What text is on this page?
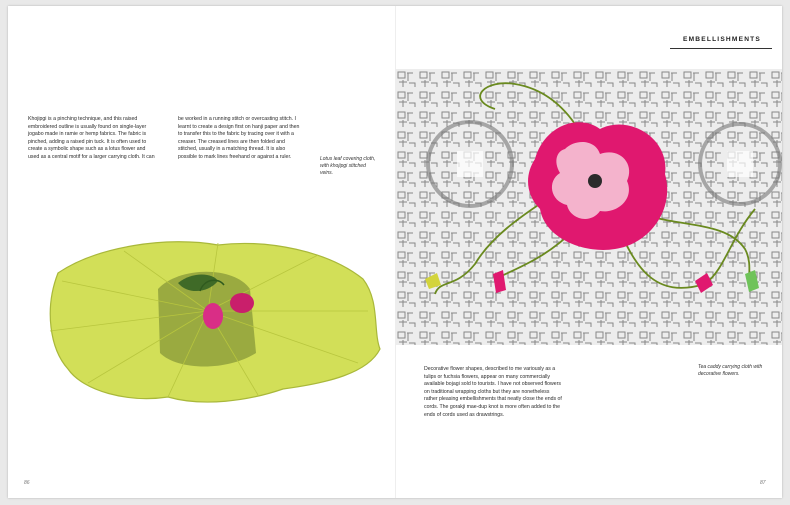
Khojipgi is a pinching technique, and this raised embroidered outline is usually found on single-layer jogabo made in ramie or hemp fabrics. The fabric is pinched, adding a raised pin tuck. It is often used to create a symbolic shape such as a lotus flower and used as a central motif for a larger carrying cloth. It can

be worked in a running stitch or overcasting stitch. I learnt to create a design first on hanji paper and then to transfer this to the fabric by tracing over it with a creaser. The creased lines are then folded and stitched, usually in a matching thread. It is also possible to mark lines freehand or against a ruler.	Lotus leaf covering cloth, with khojipgi stitched veins.

86
EMBELLISHMENTS

Decorative flower shapes, described to me variously as a tulips or fuchsia flowers, appear on many commercially available bojagi sold to tourists. I have not observed flowers on traditional wrapping cloths but they are nonetheless rather pleasing embellishments that neatly close the ends of cords. The gorakji mae-dup knot is more often added to the ends of cords used as drawstrings.

Tea caddy carrying cloth with decorative flowers.

87
